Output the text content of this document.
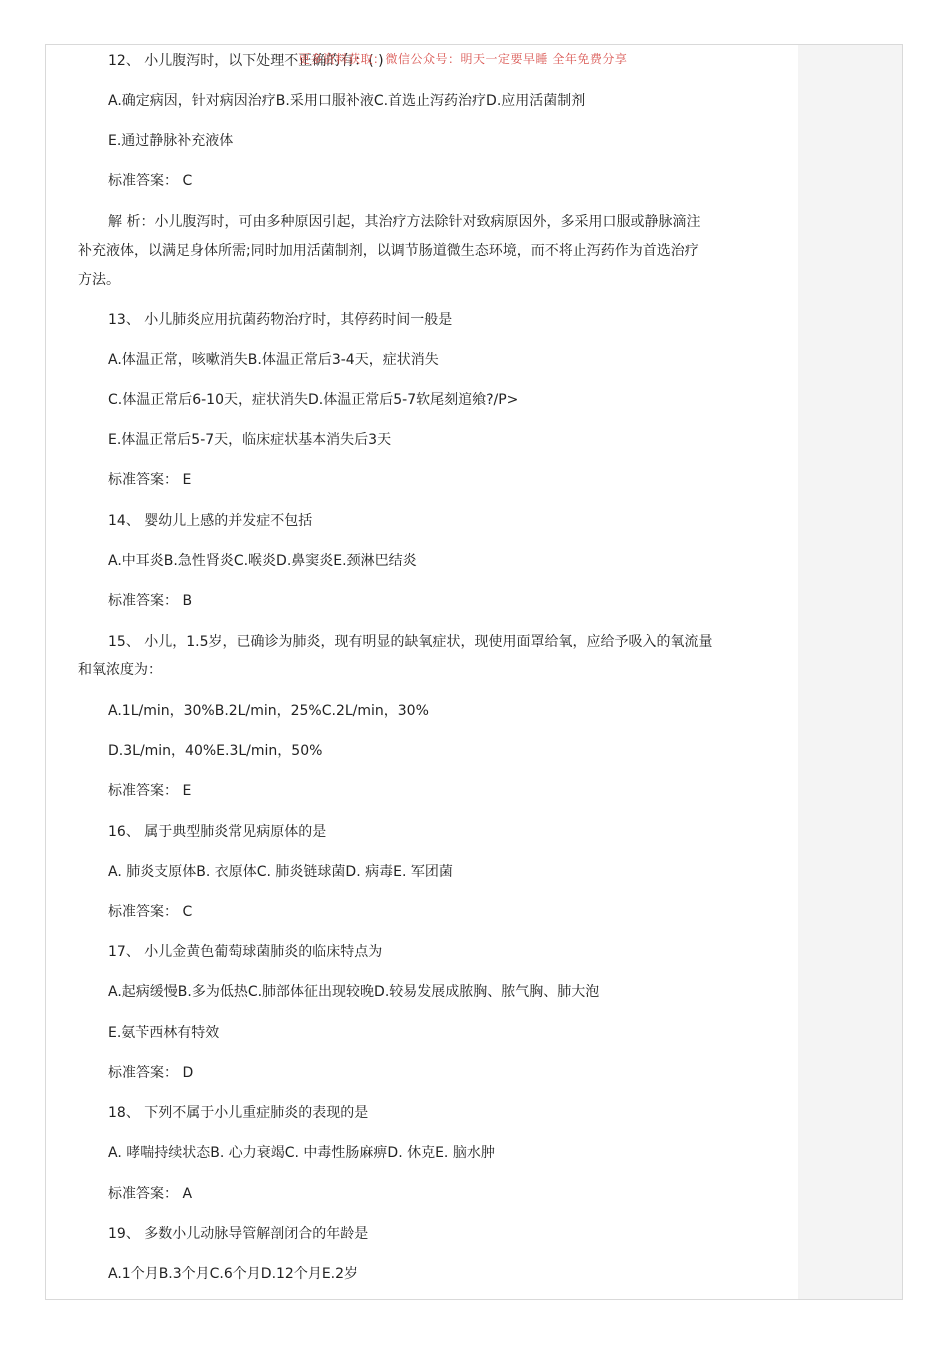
12、 小儿腹泻时，以下处理不正确的有：( )
更多资料获取：微信公众号：明天一定要早睡 全年免费分享
A.确定病因，针对病因治疗B.采用口服补液C.首选止泻药治疗D.应用活菌制剂
E.通过静脉补充液体
标准答案： C
解 析：小儿腹泻时，可由多种原因引起，其治疗方法除针对致病原因外，多采用口服或静脉滴注
补充液体，以满足身体所需;同时加用活菌制剂，以调节肠道微生态环境，而不将止泻药作为首选治疗
方法。
13、 小儿肺炎应用抗菌药物治疗时，其停药时间一般是
A.体温正常，咳嗽消失B.体温正常后3-4天，症状消失
C.体温正常后6-10天，症状消失D.体温正常后5-7软尾刻逭飨?/P>
E.体温正常后5-7天，临床症状基本消失后3天
标准答案： E
14、 婴幼儿上感的并发症不包括
A.中耳炎B.急性肾炎C.喉炎D.鼻窦炎E.颈淋巴结炎
标准答案： B
15、 小儿，1.5岁，已确诊为肺炎，现有明显的缺氧症状，现使用面罩给氧，应给予吸入的氧流量
和氧浓度为：
A.1L/min，30%B.2L/min，25%C.2L/min，30%
D.3L/min，40%E.3L/min，50%
标准答案： E
16、 属于典型肺炎常见病原体的是
A. 肺炎支原体B. 衣原体C. 肺炎链球菌D. 病毒E. 军团菌
标准答案： C
17、 小儿金黄色葡萄球菌肺炎的临床特点为
A.起病缓慢B.多为低热C.肺部体征出现较晚D.较易发展成脓胸、脓气胸、肺大泡
E.氨苄西林有特效
标准答案： D
18、 下列不属于小儿重症肺炎的表现的是
A. 哮喘持续状态B. 心力衰竭C. 中毒性肠麻痹D. 休克E. 脑水肿
标准答案： A
19、 多数小儿动脉导管解剖闭合的年龄是
A.1个月B.3个月C.6个月D.12个月E.2岁
